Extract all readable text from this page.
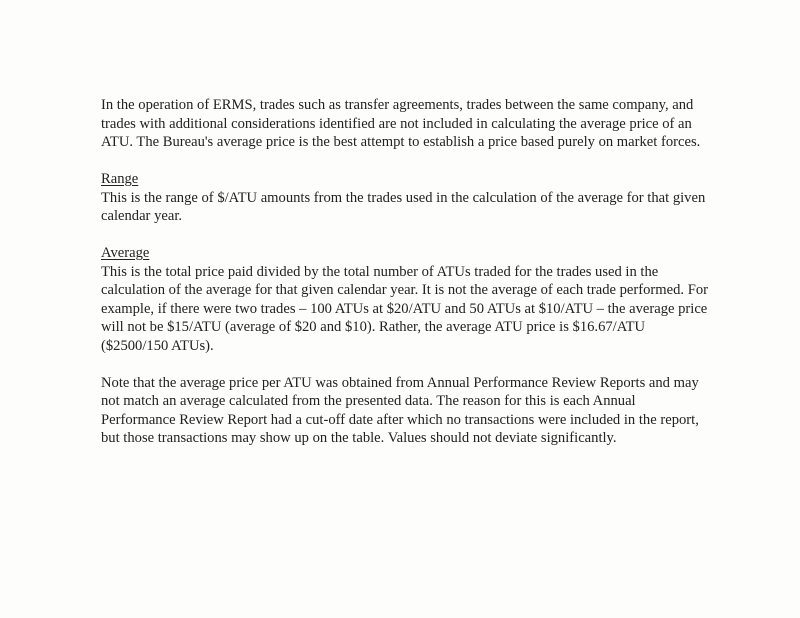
In the operation of ERMS, trades such as transfer agreements, trades between the same company, and trades with additional considerations identified are not included in calculating the average price of an ATU. The Bureau's average price is the best attempt to establish a price based purely on market forces.

Range
This is the range of $/ATU amounts from the trades used in the calculation of the average for that given calendar year.
Average
This is the total price paid divided by the total number of ATUs traded for the trades used in the calculation of the average for that given calendar year. It is not the average of each trade performed. For example, if there were two trades – 100 ATUs at $20/ATU and 50 ATUs at $10/ATU – the average price will not be $15/ATU (average of $20 and $10). Rather, the average ATU price is $16.67/ATU ($2500/150 ATUs).

Note that the average price per ATU was obtained from Annual Performance Review Reports and may not match an average calculated from the presented data. The reason for this is each Annual Performance Review Report had a cut-off date after which no transactions were included in the report, but those transactions may show up on the table. Values should not deviate significantly.
